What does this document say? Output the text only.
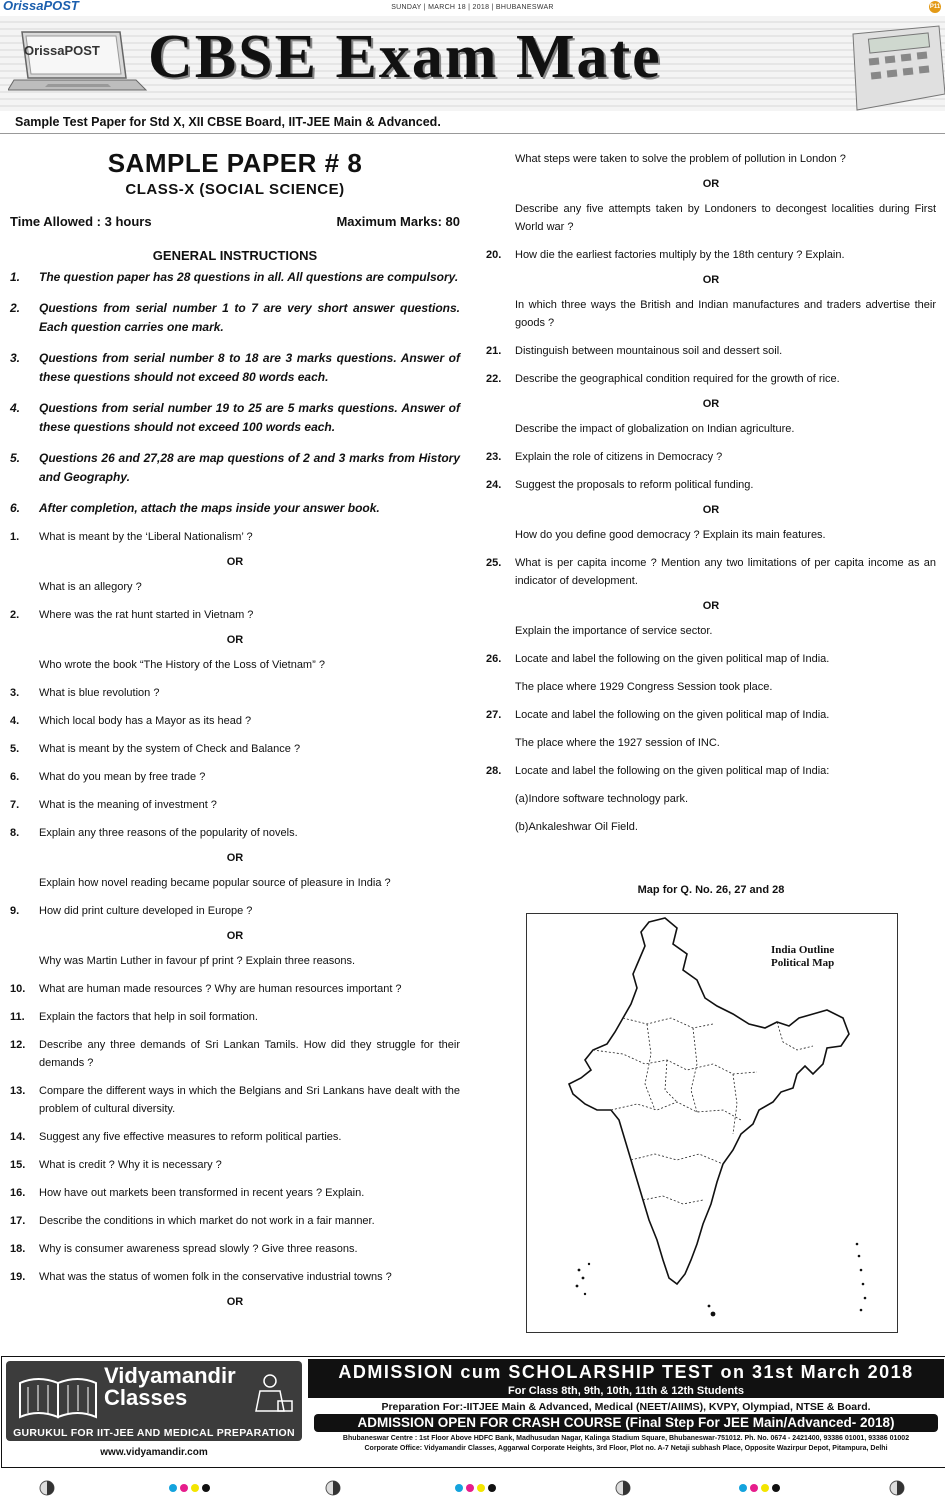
OrissaPOST	SUNDAY | MARCH 18 | 2018 | BHUBANESWAR	P11
OrissaPOST CBSE Exam Mate
Sample Test Paper for Std X, XII CBSE Board, IIT-JEE Main & Advanced.
SAMPLE PAPER # 8
CLASS-X (SOCIAL SCIENCE)
Time Allowed : 3 hours	Maximum Marks: 80
GENERAL INSTRUCTIONS
1.	The question paper has 28 questions in all. All questions are compulsory.
2.	Questions from serial number 1 to 7 are very short answer questions. Each question carries one mark.
3.	Questions from serial number 8 to 18 are 3 marks questions. Answer of these questions should not exceed 80 words each.
4.	Questions from serial number 19 to 25 are 5 marks questions. Answer of these questions should not exceed 100 words each.
5.	Questions 26 and 27,28 are map questions of 2 and 3 marks from History and Geography.
6.	After completion, attach the maps inside your answer book.
1.	What is meant by the ‘Liberal Nationalism’ ?
OR
What is an allegory ?
2.	Where was the rat hunt started in Vietnam ?
OR
Who wrote the book “The History of the Loss of Vietnam” ?
3.	What is blue revolution ?
4.	Which local body has a Mayor as its head ?
5.	What is meant by the system of Check and Balance ?
6.	What do you mean by free trade ?
7.	What is the meaning of investment ?
8.	Explain any three reasons of the popularity of novels.
OR
Explain how novel reading became popular source of pleasure in India ?
9.	How did print culture developed in Europe ?
OR
Why was Martin Luther in favour pf print ? Explain three reasons.
10.	What are human made resources ? Why are human resources important ?
11.	Explain the factors that help in soil formation.
12.	Describe any three demands of Sri Lankan Tamils. How did they struggle for their demands ?
13.	Compare the different ways in which the Belgians and Sri Lankans have dealt with the problem of cultural diversity.
14.	Suggest any five effective measures to reform political parties.
15.	What is credit ? Why it is necessary ?
16.	How have out markets been transformed in recent years ? Explain.
17.	Describe the conditions in which market do not work in a fair manner.
18.	Why is consumer awareness spread slowly ? Give three reasons.
19.	What was the status of women folk in the conservative industrial towns ?
OR
What steps were taken to solve the problem of pollution in London ?
OR
Describe any five attempts taken by Londoners to decongest localities during First World war ?
20.	How die the earliest factories multiply by the 18th century ? Explain.
OR
In which three ways the British and Indian manufactures and traders advertise their goods ?
21.	Distinguish between mountainous soil and dessert soil.
22.	Describe the geographical condition required for the growth of rice.
OR
Describe the impact of globalization on Indian agriculture.
23.	Explain the role of citizens in Democracy ?
24.	Suggest the proposals to reform political funding.
OR
How do you define good democracy ? Explain its main features.
25.	What is per capita income ? Mention any two limitations of per capita income as an indicator of development.
OR
Explain the importance of service sector.
26.	Locate and label the following on the given political map of India.
The place where 1929 Congress Session took place.
27.	Locate and label the following on the given political map of India.
The place where the 1927 session of INC.
28.	Locate and label the following on the given political map of India:
(a)Indore software technology park.
(b)Ankaleshwar Oil Field.
Map for Q. No. 26, 27 and 28
India Outline
Political Map
Vidyamandir
Classes
GURUKUL FOR IIT-JEE AND MEDICAL PREPARATION
www.vidyamandir.com
ADMISSION cum SCHOLARSHIP TEST on 31st March 2018
For Class 8th, 9th, 10th, 11th & 12th Students
Preparation For:-IITJEE Main & Advanced, Medical (NEET/AIIMS), KVPY, Olympiad, NTSE & Board.
ADMISSION OPEN FOR CRASH COURSE (Final Step For JEE Main/Advanced- 2018)
Bhubaneswar Centre : 1st Floor Above HDFC Bank, Madhusudan Nagar, Kalinga Stadium Square, Bhubaneswar-751012. Ph. No. 0674 - 2421400, 93386 01001, 93386 01002
Corporate Office: Vidyamandir Classes, Aggarwal Corporate Heights, 3rd Floor, Plot no. A-7 Netaji subhash Place, Opposite Wazirpur Depot, Pitampura, Delhi
